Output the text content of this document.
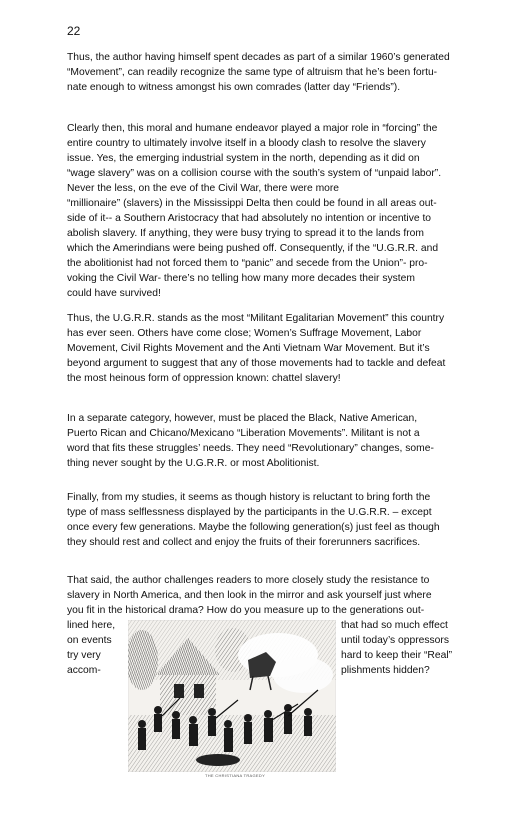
22
Thus, the author having himself spent decades as part of a similar 1960’s generated
“Movement”, can readily recognize the same type of altruism that he’s been fortu-
nate enough to witness amongst his own comrades (latter day “Friends”).
Clearly then, this moral and humane endeavor played a major role in “forcing” the
entire country to ultimately involve itself in a bloody clash to resolve the slavery
issue. Yes, the emerging industrial system in the north, depending as it did on
“wage slavery” was on a collision course with the south’s system of “unpaid labor”.
Never the less, on the eve of the Civil War, there were more
“millionaire” (slavers) in the Mississippi Delta then could be found in all areas out-
side of it-- a Southern Aristocracy that had absolutely no intention or incentive to
abolish slavery. If anything, they were busy trying to spread it to the lands from
which the Amerindians were being pushed off. Consequently, if the “U.G.R.R. and
the abolitionist had not forced them to “panic” and secede from the Union”- pro-
voking the Civil War- there’s no telling how many more decades their system
could have survived!
Thus, the U.G.R.R. stands as the most “Militant Egalitarian Movement” this country
has ever seen. Others have come close; Women’s Suffrage Movement, Labor
Movement, Civil Rights Movement and the Anti Vietnam War Movement. But it’s
beyond argument to suggest that any of those movements had to tackle and defeat
the most heinous form of oppression known: chattel slavery!
In a separate category, however, must be placed the Black, Native American,
Puerto Rican and Chicano/Mexicano “Liberation Movements”. Militant is not a
word that fits these struggles’ needs. They need “Revolutionary” changes, some-
thing never sought by the U.G.R.R. or most Abolitionist.
Finally, from my studies, it seems as though history is reluctant to bring forth the
type of mass selflessness displayed by the participants in the U.G.R.R. – except
once every few generations. Maybe the following generation(s) just feel as though
they should rest and collect and enjoy the fruits of their forerunners sacrifices.
That said, the author challenges readers to more closely study the resistance to
slavery in North America, and then look in the mirror and ask yourself just where
you fit in the historical drama? How do you measure up to the generations out-
lined here,
on events
try very
accom-
that had so much effect
until today’s oppressors
hard to keep their “Real”
plishments hidden?
THE CHRISTIANA TRAGEDY
